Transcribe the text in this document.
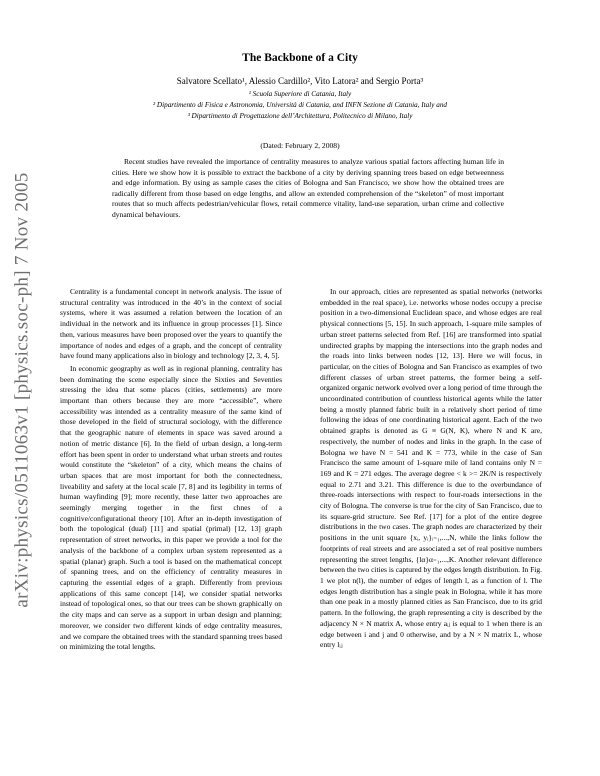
arXiv:physics/0511063v1 [physics.soc-ph] 7 Nov 2005
The Backbone of a City
Salvatore Scellato¹, Alessio Cardillo², Vito Latora² and Sergio Porta³
¹ Scuola Superiore di Catania, Italy
² Dipartimento di Fisica e Astronomia, Università di Catania, and INFN Sezione di Catania, Italy and
³ Dipartimento di Progettazione dell’Architettura, Politecnico di Milano, Italy
(Dated: February 2, 2008)

Recent studies have revealed the importance of centrality measures to analyze various spatial factors affecting human life in cities. Here we show how it is possible to extract the backbone of a city by deriving spanning trees based on edge betweenness and edge information. By using as sample cases the cities of Bologna and San Francisco, we show how the obtained trees are radically different from those based on edge lengths, and allow an extended comprehension of the “skeleton” of most important routes that so much affects pedestrian/vehicular flows, retail commerce vitality, land-use separation, urban crime and collective dynamical behaviours.

Centrality is a fundamental concept in network analysis. The issue of structural centrality was introduced in the 40’s in the context of social systems, where it was assumed a relation between the location of an individual in the network and its influence in group processes [1]. Since then, various measures have been proposed over the years to quantify the importance of nodes and edges of a graph, and the concept of centrality have found many applications also in biology and technology [2, 3, 4, 5].

In economic geography as well as in regional planning, centrality has been dominating the scene especially since the Sixties and Seventies stressing the idea that some places (cities, settlements) are more important than others because they are more “accessible”, where accessibility was intended as a centrality measure of the same kind of those developed in the field of structural sociology, with the difference that the geographic nature of elements in space was saved around a notion of metric distance [6]. In the field of urban design, a long-term effort has been spent in order to understand what urban streets and routes would constitute the “skeleton” of a city, which means the chains of urban spaces that are most important for both the connectedness, liveability and safety at the local scale [7, 8] and its legibility in terms of human wayfinding [9]; more recently, these latter two approaches are seemingly merging together in the first chnes of a cognitive/configurational theory [10]. After an in-depth investigation of both the topological (dual) [11] and spatial (primal) [12, 13] graph representation of street networks, in this paper we provide a tool for the analysis of the backbone of a complex urban system represented as a spatial (planar) graph. Such a tool is based on the mathematical concept of spanning trees, and on the efficiency of centrality measures in capturing the essential edges of a graph. Differently from previous applications of this same concept [14], we consider spatial networks instead of topological ones, so that our trees can be shown graphically on the city maps and can serve as a support in urban design and planning; moreover, we consider two different kinds of edge centrality measures, and we compare the obtained trees with the standard spanning trees based on minimizing the total lengths.

In our approach, cities are represented as spatial networks (networks embedded in the real space), i.e. networks whose nodes occupy a precise position in a two-dimensional Euclidean space, and whose edges are real physical connections [5, 15]. In such approach, 1-square mile samples of urban street patterns selected from Ref. [16] are transformed into spatial undirected graphs by mapping the intersections into the graph nodes and the roads into links between nodes [12, 13]. Here we will focus, in particular, on the cities of Bologna and San Francisco as examples of two different classes of urban street patterns, the former being a self-organized organic network evolved over a long period of time through the uncoordinated contribution of countless historical agents while the latter being a mostly planned fabric built in a relatively short period of time following the ideas of one coordinating historical agent. Each of the two obtained graphs is denoted as G ≡ G(N, K), where N and K are, respectively, the number of nodes and links in the graph. In the case of Bologna we have N = 541 and K = 773, while in the case of San Francisco the same amount of 1-square mile of land contains only N = 169 and K = 271 edges. The average degree < k >= 2K/N is respectively equal to 2.71 and 3.21. This difference is due to the overbundance of three-roads intersections with respect to four-roads intersections in the city of Bologna. The converse is true for the city of San Francisco, due to its square-grid structure. See Ref. [17] for a plot of the entire degree distributions in the two cases. The graph nodes are characterized by their positions in the unit square {xᵢ, yᵢ}ᵢ₌₁,...,N, while the links follow the footprints of real streets and are associated a set of real positive numbers representing the street lengths, {lα}α₌₁,...,K. Another relevant difference between the two cities is captured by the edges length distribution. In Fig. 1 we plot n(l), the number of edges of length l, as a function of l. The edges length distribution has a single peak in Bologna, while it has more than one peak in a mostly planned cities as San Francisco, due to its grid pattern. In the following, the graph representing a city is described by the adjacency N × N matrix A, whose entry aᵢⱼ is equal to 1 when there is an edge between i and j and 0 otherwise, and by a N × N matrix L, whose entry lᵢⱼ
